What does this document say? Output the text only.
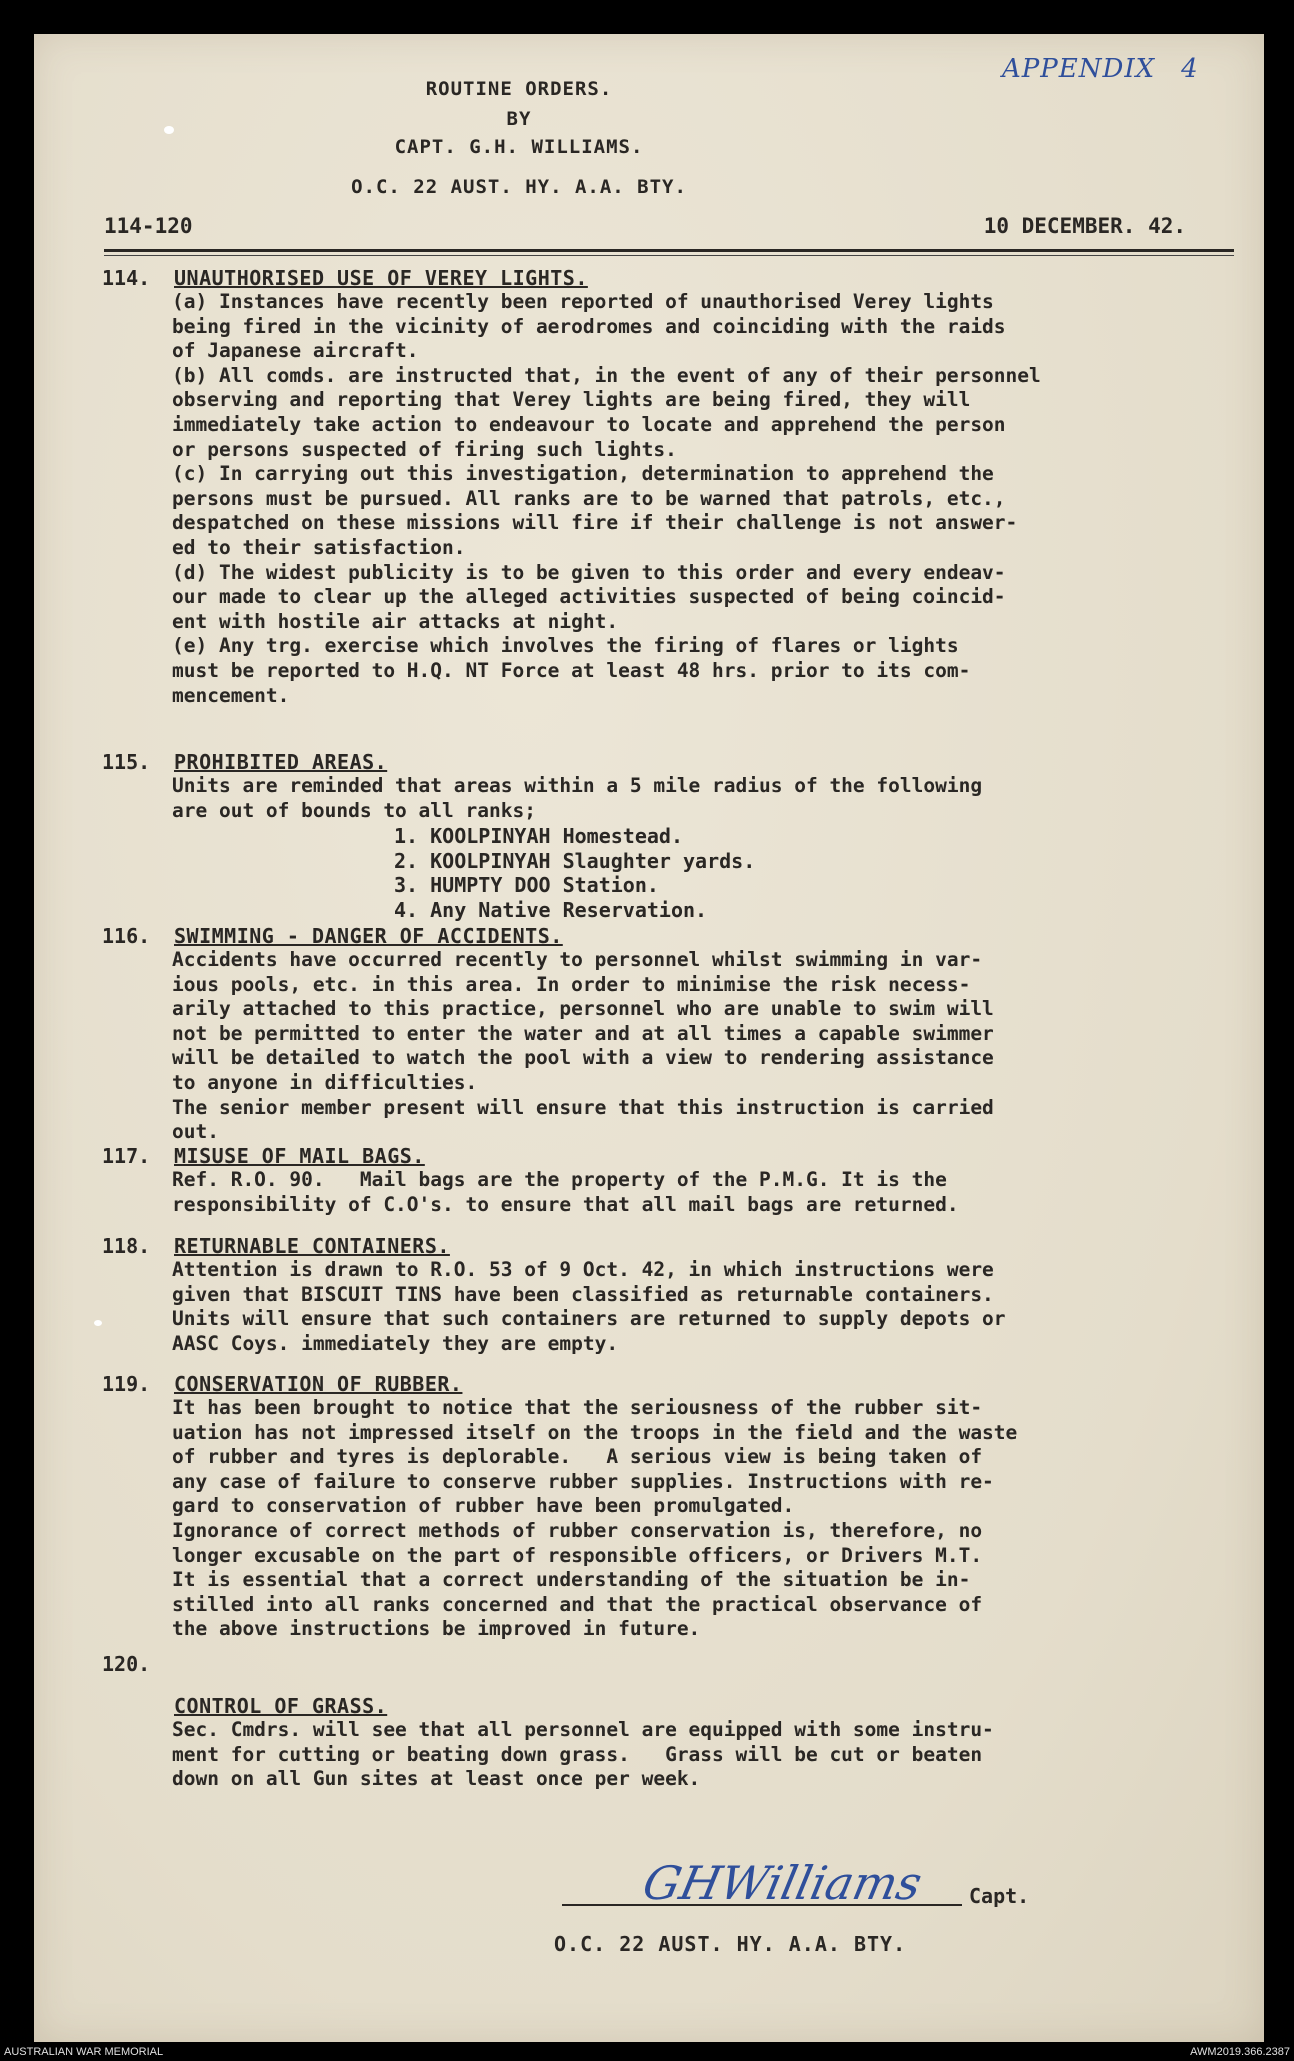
APPENDIX 4
ROUTINE ORDERS.
BY
CAPT. G.H. WILLIAMS.
O.C. 22 AUST. HY. A.A. BTY.
114-120	10 DECEMBER. 42.
114. UNAUTHORISED USE OF VEREY LIGHTS.
(a) Instances have recently been reported of unauthorised Verey lights
being fired in the vicinity of aerodromes and coinciding with the raids
of Japanese aircraft.
(b) All comds. are instructed that, in the event of any of their personnel
observing and reporting that Verey lights are being fired, they will
immediately take action to endeavour to locate and apprehend the person
or persons suspected of firing such lights.
(c) In carrying out this investigation, determination to apprehend the
persons must be pursued. All ranks are to be warned that patrols, etc.,
despatched on these missions will fire if their challenge is not answer-
ed to their satisfaction.
(d) The widest publicity is to be given to this order and every endeav-
our made to clear up the alleged activities suspected of being coincid-
ent with hostile air attacks at night.
(e) Any trg. exercise which involves the firing of flares or lights
must be reported to H.Q. NT Force at least 48 hrs. prior to its com-
mencement.
115. PROHIBITED AREAS.
Units are reminded that areas within a 5 mile radius of the following
are out of bounds to all ranks;
1. KOOLPINYAH Homestead.
2. KOOLPINYAH Slaughter yards.
3. HUMPTY DOO Station.
4. Any Native Reservation.
116. SWIMMING - DANGER OF ACCIDENTS.
Accidents have occurred recently to personnel whilst swimming in var-
ious pools, etc. in this area. In order to minimise the risk necess-
arily attached to this practice, personnel who are unable to swim will
not be permitted to enter the water and at all times a capable swimmer
will be detailed to watch the pool with a view to rendering assistance
to anyone in difficulties.
The senior member present will ensure that this instruction is carried
out.
117. MISUSE OF MAIL BAGS.
Ref. R.O. 90.   Mail bags are the property of the P.M.G. It is the
responsibility of C.O's. to ensure that all mail bags are returned.
118. RETURNABLE CONTAINERS.
Attention is drawn to R.O. 53 of 9 Oct. 42, in which instructions were
given that BISCUIT TINS have been classified as returnable containers.
Units will ensure that such containers are returned to supply depots or
AASC Coys. immediately they are empty.
119. CONSERVATION OF RUBBER.
It has been brought to notice that the seriousness of the rubber sit-
uation has not impressed itself on the troops in the field and the waste
of rubber and tyres is deplorable.   A serious view is being taken of
any case of failure to conserve rubber supplies. Instructions with re-
gard to conservation of rubber have been promulgated.
Ignorance of correct methods of rubber conservation is, therefore, no
longer excusable on the part of responsible officers, or Drivers M.T.
It is essential that a correct understanding of the situation be in-
stilled into all ranks concerned and that the practical observance of
the above instructions be improved in future.
120.
CONTROL OF GRASS.
Sec. Cmdrs. will see that all personnel are equipped with some instru-
ment for cutting or beating down grass.   Grass will be cut or beaten
down on all Gun sites at least once per week.
GHWilliams Capt.
O.C. 22 AUST. HY. A.A. BTY.
AUSTRALIAN WAR MEMORIAL	AWM2019.366.2387
